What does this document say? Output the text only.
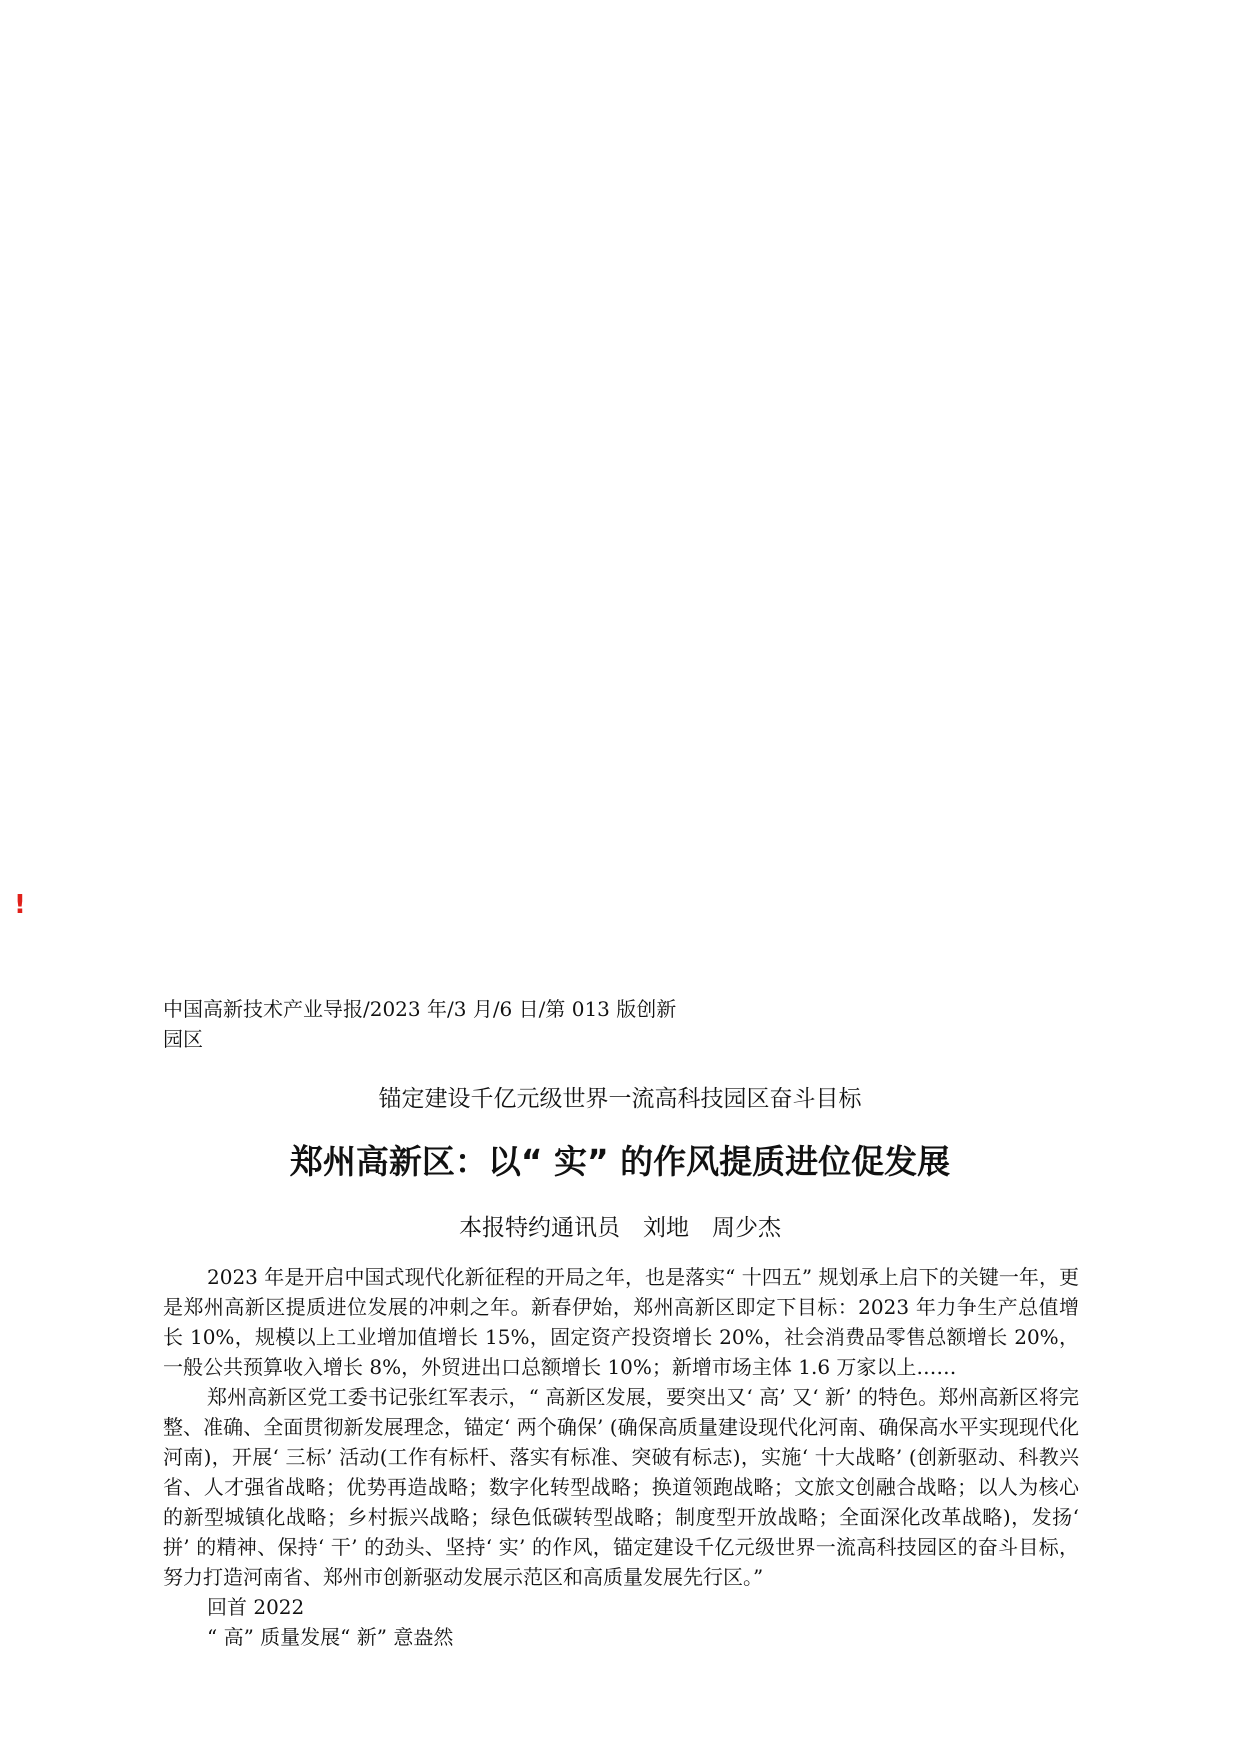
!
中国高新技术产业导报/2023 年/3 月/6 日/第 013 版创新园区
锚定建设千亿元级世界一流高科技园区奋斗目标
郑州高新区：以“ 实” 的作风提质进位促发展
本报特约通讯员　刘地　周少杰

2023 年是开启中国式现代化新征程的开局之年，也是落实“ 十四五” 规划承上启下的关键一年，更是郑州高新区提质进位发展的冲刺之年。新春伊始，郑州高新区即定下目标：2023 年力争生产总值增长 10%，规模以上工业增加值增长 15%，固定资产投资增长 20%，社会消费品零售总额增长 20%，一般公共预算收入增长 8%，外贸进出口总额增长 10%；新增市场主体 1.6 万家以上……

郑州高新区党工委书记张红军表示，“ 高新区发展，要突出又‘ 高’ 又‘ 新’ 的特色。郑州高新区将完整、准确、全面贯彻新发展理念，锚定‘ 两个确保’ (确保高质量建设现代化河南、确保高水平实现现代化河南)，开展‘ 三标’ 活动(工作有标杆、落实有标准、突破有标志)，实施‘ 十大战略’ (创新驱动、科教兴省、人才强省战略；优势再造战略；数字化转型战略；换道领跑战略；文旅文创融合战略；以人为核心的新型城镇化战略；乡村振兴战略；绿色低碳转型战略；制度型开放战略；全面深化改革战略)，发扬‘ 拼’ 的精神、保持‘ 干’ 的劲头、坚持‘ 实’ 的作风，锚定建设千亿元级世界一流高科技园区的奋斗目标，努力打造河南省、郑州市创新驱动发展示范区和高质量发展先行区。”

回首 2022

“ 高” 质量发展“ 新” 意盎然
